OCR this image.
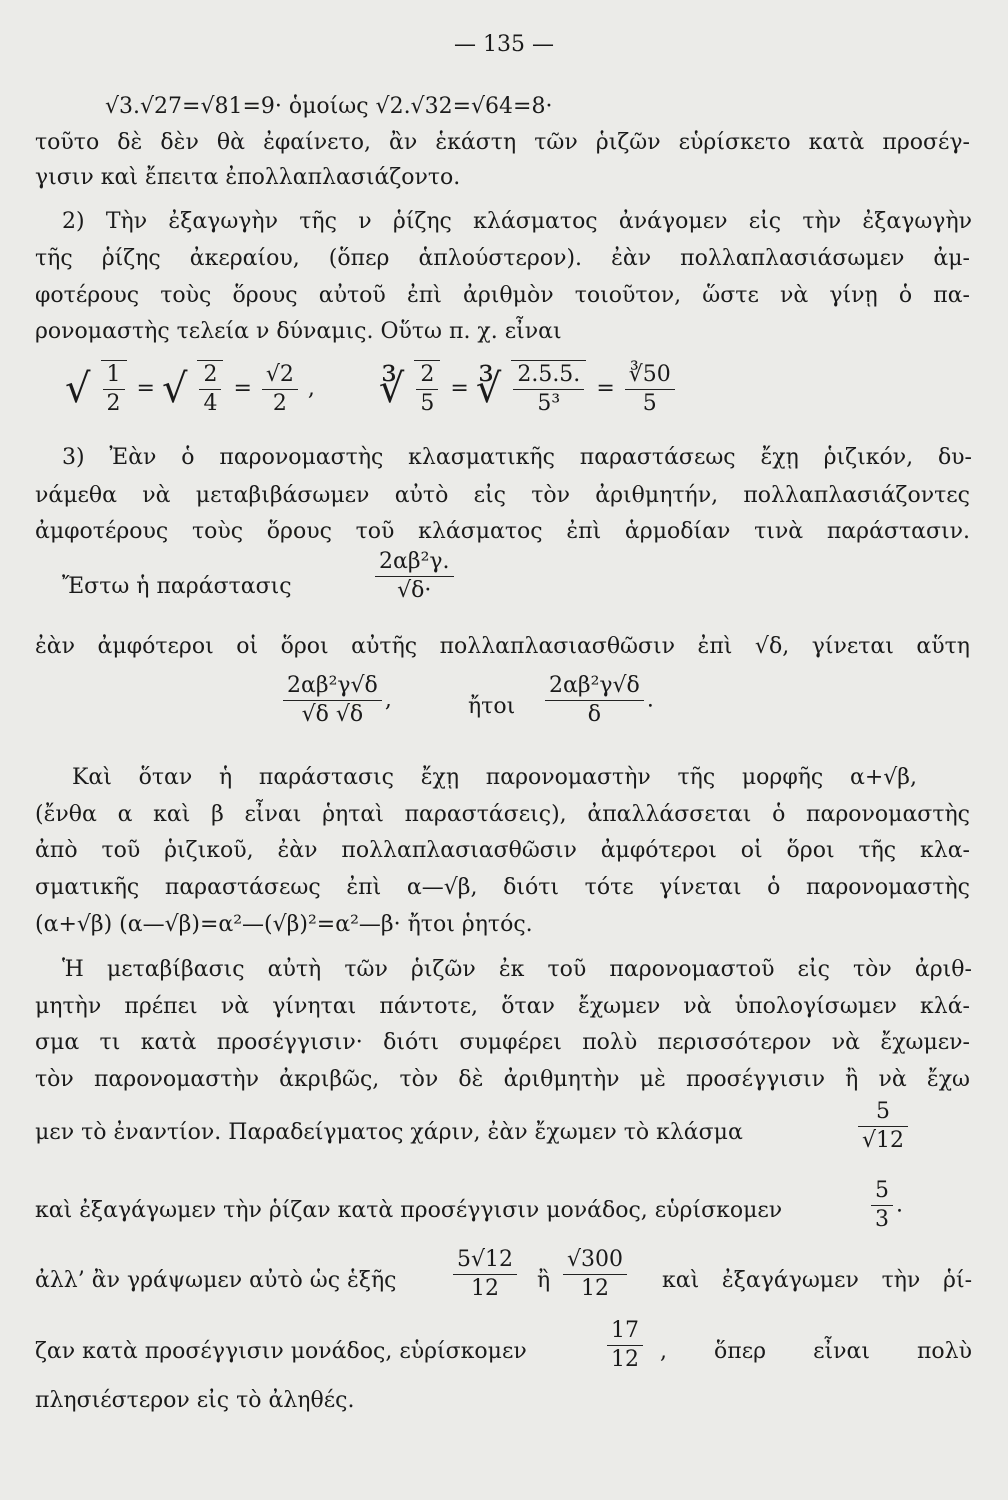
— 135 —
√3.√27=√81=9· ὁμοίως √2.√32=√64=8·
τοῦτο δὲ δὲν θὰ ἐφαίνετο, ἂν ἑκάστη τῶν ῥιζῶν εὑρίσκετο κατὰ προσέγ-
γισιν καὶ ἔπειτα ἐπολλαπλασιάζοντο.
2) Τὴν ἐξαγωγὴν τῆς ν ῥίζης κλάσματος ἀνάγομεν εἰς τὴν ἐξαγωγὴν
τῆς ῥίζης ἀκεραίου, (ὅπερ ἁπλούστερον). ἐὰν πολλαπλασιάσωμεν ἀμ-
φοτέρους τοὺς ὅρους αὐτοῦ ἐπὶ ἀριθμὸν τοιοῦτον, ὥστε νὰ γίνῃ ὁ πα-
ρονομαστὴς τελεία ν δύναμις. Οὕτω π. χ. εἶναι
√ $\frac{1}{2}$ = √ $\frac{2}{4} = \frac{√2}{2}$ , ∛ $\frac{2}{5}$ = ∛ $\frac{2.5.5.}{\text{5³}} = \frac{∛50}{5}$
3) Ἐὰν ὁ παρονομαστὴς κλασματικῆς παραστάσεως ἔχῃ ῥιζικόν, δυ-
νάμεθα νὰ μεταβιβάσωμεν αὐτὸ εἰς τὸν ἀριθμητήν, πολλαπλασιάζοντες
ἀμφοτέρους τοὺς ὅρους τοῦ κλάσματος ἐπὶ ἁρμοδίαν τινὰ παράστασιν.
Ἔστω ἡ παράστασις	$\frac{\text{2αβ²γ.}}{√\delta\cdot}$
ἐὰν ἀμφότεροι οἱ ὅροι αὐτῆς πολλαπλασιασθῶσιν ἐπὶ √δ, γίνεται αὕτη
$\frac{\text{2αβ²γ√δ}}{√\delta √\delta}$ ,	ἤτοι	$\frac{\text{2αβ²γ√δ}}{\delta}$ .
Καὶ ὅταν ἡ παράστασις ἔχῃ παρονομαστὴν τῆς μορφῆς α+√β,
(ἔνθα α καὶ β εἶναι ῥηταὶ παραστάσεις), ἀπαλλάσσεται ὁ παρονομαστὴς
ἀπὸ τοῦ ῥιζικοῦ, ἐὰν πολλαπλασιασθῶσιν ἀμφότεροι οἱ ὅροι τῆς κλα-
σματικῆς παραστάσεως ἐπὶ α—√β, διότι τότε γίνεται ὁ παρονομαστὴς
(α+√β) (α—√β)=α²—(√β)²=α²—β· ἤτοι ῥητός.
Ἡ μεταβίβασις αὐτὴ τῶν ῥιζῶν ἐκ τοῦ παρονομαστοῦ εἰς τὸν ἀριθ-
μητὴν πρέπει νὰ γίνηται πάντοτε, ὅταν ἔχωμεν νὰ ὑπολογίσωμεν κλά-
σμα τι κατὰ προσέγγισιν· διότι συμφέρει πολὺ περισσότερον νὰ ἔχωμεν-
τὸν παρονομαστὴν ἀκριβῶς, τὸν δὲ ἀριθμητὴν μὲ προσέγγισιν ἢ νὰ ἔχω
μεν τὸ ἐναντίον. Παραδείγματος χάριν, ἐὰν ἔχωμεν τὸ κλάσμα	$\frac{5}{√12}$
καὶ ἐξαγάγωμεν τὴν ῥίζαν κατὰ προσέγγισιν μονάδος, εὑρίσκομεν	$\frac{5}{3}$ .
ἀλλ’ ἂν γράψωμεν αὐτὸ ὡς ἑξῆς	$\frac{5√12}{12}$ ἢ $\frac{√300}{12}$ καὶ ἐξαγάγωμεν τὴν ῥί-
ζαν κατὰ προσέγγισιν μονάδος, εὑρίσκομεν	$\frac{17}{12}$ , ὅπερ εἶναι πολὺ
πλησιέστερον εἰς τὸ ἀληθές.
